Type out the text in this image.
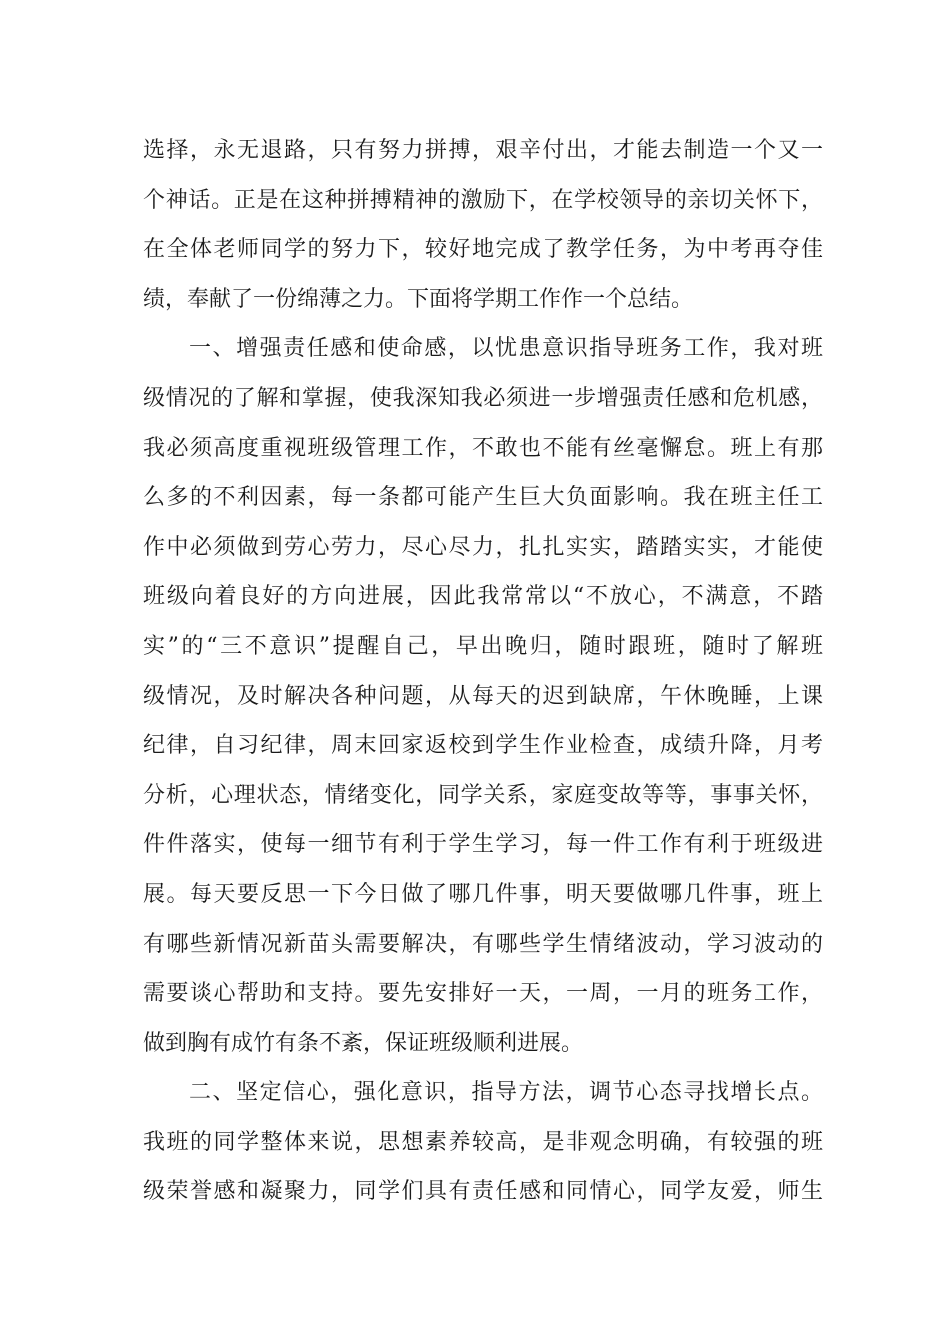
选择，永无退路，只有努力拼搏，艰辛付出，才能去制造一个又一
个神话。正是在这种拼搏精神的激励下，在学校领导的亲切关怀下，
在全体老师同学的努力下，较好地完成了教学任务，为中考再夺佳
绩，奉献了一份绵薄之力。下面将学期工作作一个总结。
一、增强责任感和使命感，以忧患意识指导班务工作，我对班
级情况的了解和掌握，使我深知我必须进一步增强责任感和危机感，
我必须高度重视班级管理工作，不敢也不能有丝毫懈怠。班上有那
么多的不利因素，每一条都可能产生巨大负面影响。我在班主任工
作中必须做到劳心劳力，尽心尽力，扎扎实实，踏踏实实，才能使
班级向着良好的方向进展，因此我常常以“不放心，不满意，不踏
实”的“三不意识”提醒自己，早出晚归，随时跟班，随时了解班
级情况，及时解决各种问题，从每天的迟到缺席，午休晚睡，上课
纪律，自习纪律，周末回家返校到学生作业检查，成绩升降，月考
分析，心理状态，情绪变化，同学关系，家庭变故等等，事事关怀，
件件落实，使每一细节有利于学生学习，每一件工作有利于班级进
展。每天要反思一下今日做了哪几件事，明天要做哪几件事，班上
有哪些新情况新苗头需要解决，有哪些学生情绪波动，学习波动的
需要谈心帮助和支持。要先安排好一天，一周，一月的班务工作，
做到胸有成竹有条不紊，保证班级顺利进展。
二、坚定信心，强化意识，指导方法，调节心态寻找增长点。
我班的同学整体来说，思想素养较高，是非观念明确，有较强的班
级荣誉感和凝聚力，同学们具有责任感和同情心，同学友爱，师生
